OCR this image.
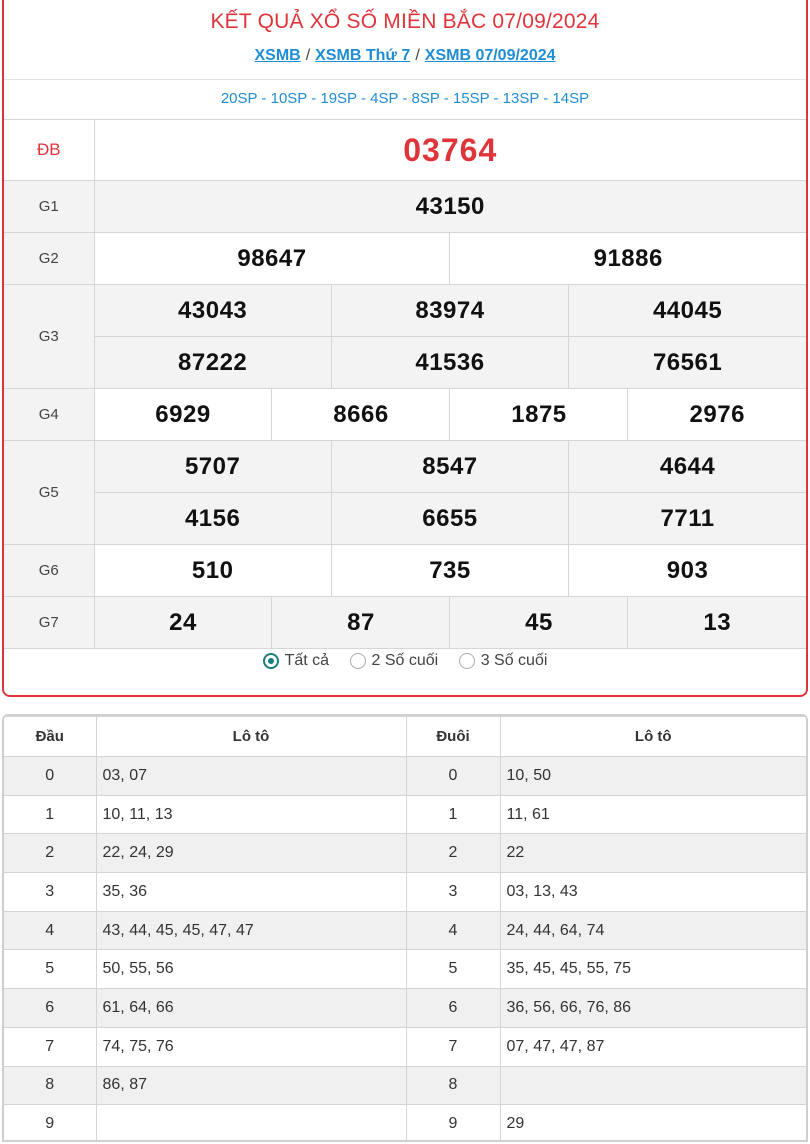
KẾT QUẢ XỔ SỐ MIỀN BẮC 07/09/2024
XSMB / XSMB Thứ 7 / XSMB 07/09/2024
20SP - 10SP - 19SP - 4SP - 8SP - 15SP - 13SP - 14SP
ĐB	03764					
G1	43150					
G2	98647			91886		
G3	43043		83974		44045	
	87222		41536		76561	
G4	6929	8666		1875		2976
G5	5707		8547		4644	
	4156		6655		7711	
G6	510		735		903	
G7	24	87		45		13
Tất cả
	2 Số cuối
	3 Số cuối
Đầu	Lô tô	Đuôi	Lô tô
0	03, 07	0	10, 50
1	10, 11, 13	1	11, 61
2	22, 24, 29	2	22
3	35, 36	3	03, 13, 43
4	43, 44, 45, 45, 47, 47	4	24, 44, 64, 74
5	50, 55, 56	5	35, 45, 45, 55, 75
6	61, 64, 66	6	36, 56, 66, 76, 86
7	74, 75, 76	7	07, 47, 47, 87
8	86, 87	8	
9		9	29
